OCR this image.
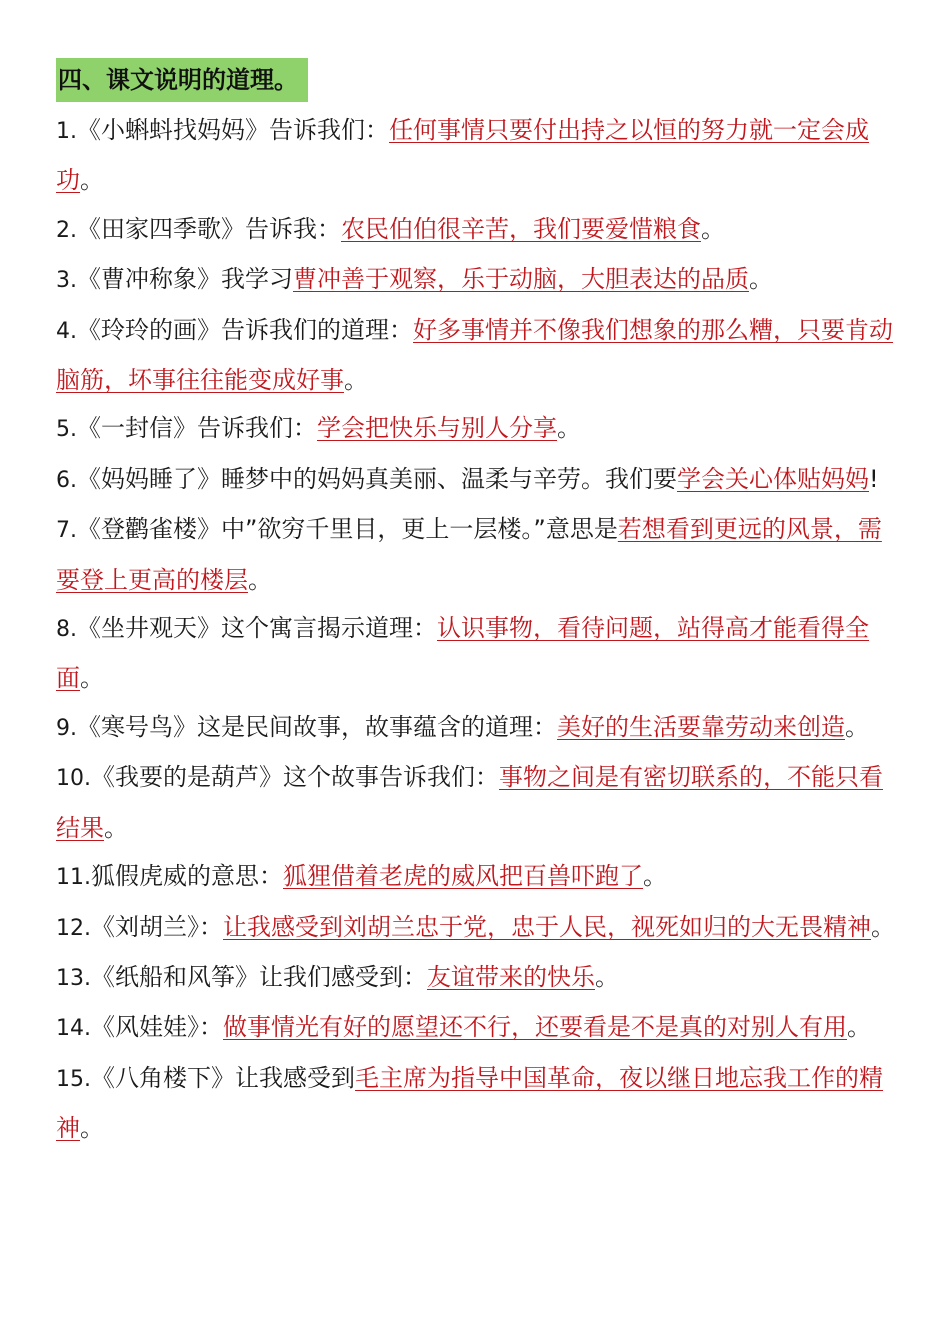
四、课文说明的道理。
1.《小蝌蚪找妈妈》告诉我们：任何事情只要付出持之以恒的努力就一定会成功。
2.《田家四季歌》告诉我：农民伯伯很辛苦，我们要爱惜粮食。
3.《曹冲称象》我学习曹冲善于观察，乐于动脑，大胆表达的品质。
4.《玲玲的画》告诉我们的道理：好多事情并不像我们想象的那么糟，只要肯动脑筋，坏事往往能变成好事。
5.《一封信》告诉我们：学会把快乐与别人分享。
6.《妈妈睡了》睡梦中的妈妈真美丽、温柔与辛劳。我们要学会关心体贴妈妈!
7.《登鹳雀楼》中”欲穷千里目，更上一层楼。”意思是若想看到更远的风景，需要登上更高的楼层。
8.《坐井观天》这个寓言揭示道理：认识事物，看待问题，站得高才能看得全面。
9.《寒号鸟》这是民间故事，故事蕴含的道理：美好的生活要靠劳动来创造。
10.《我要的是葫芦》这个故事告诉我们：事物之间是有密切联系的，不能只看结果。
11.狐假虎威的意思：狐狸借着老虎的威风把百兽吓跑了。
12.《刘胡兰》：让我感受到刘胡兰忠于党，忠于人民，视死如归的大无畏精神。
13.《纸船和风筝》让我们感受到：友谊带来的快乐。
14.《风娃娃》：做事情光有好的愿望还不行，还要看是不是真的对别人有用。
15.《八角楼下》让我感受到毛主席为指导中国革命，夜以继日地忘我工作的精神。
